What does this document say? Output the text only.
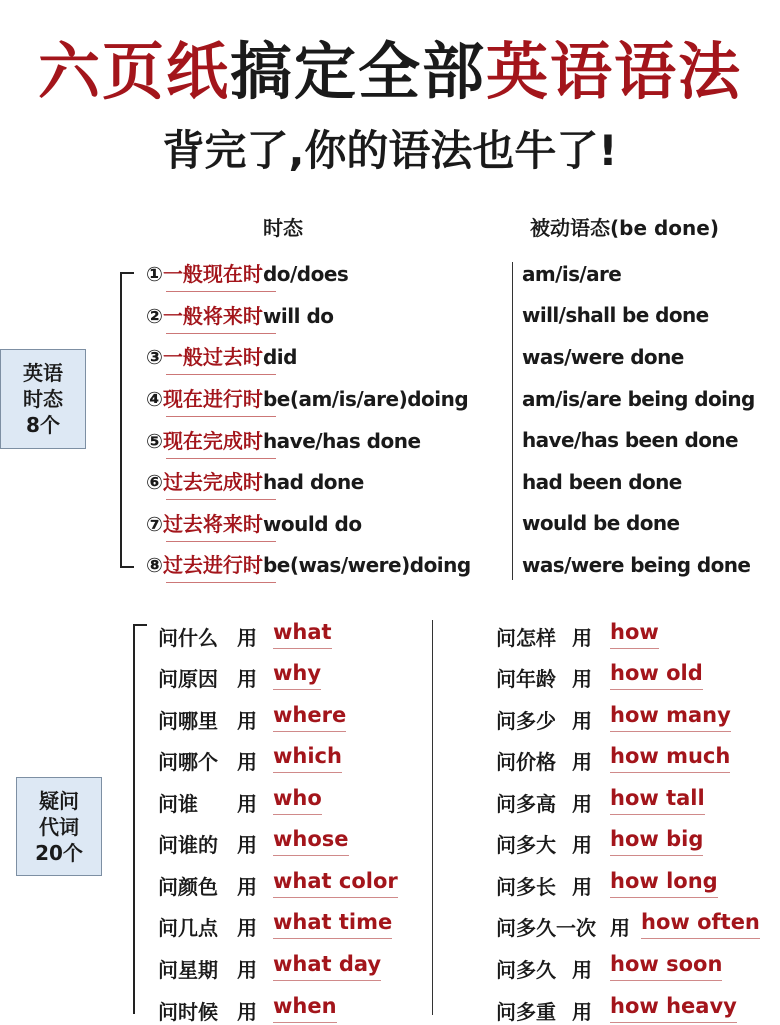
六页纸搞定全部英语语法
背完了,你的语法也牛了!
时态	被动语态(be done)
英语
时态
8个
①一般现在时do/does
②一般将来时will do
③一般过去时did
④现在进行时be(am/is/are)doing
⑤现在完成时have/has done
⑥过去完成时had done
⑦过去将来时would do
⑧过去进行时be(was/were)doing
am/is/are
will/shall be done
was/were done
am/is/are being doing
have/has been done
had been done
would be done
was/were being done
疑问
代词
20个
问什么 用 what
问原因 用 why
问哪里 用 where
问哪个 用 which
问谁 用 who
问谁的 用 whose
问颜色 用 what color
问几点 用 what time
问星期 用 what day
问时候 用 when
问怎样 用 how
问年龄 用 how old
问多少 用 how many
问价格 用 how much
问多高 用 how tall
问多大 用 how big
问多长 用 how long
问多久一次 用 how often
问多久 用 how soon
问多重 用 how heavy
